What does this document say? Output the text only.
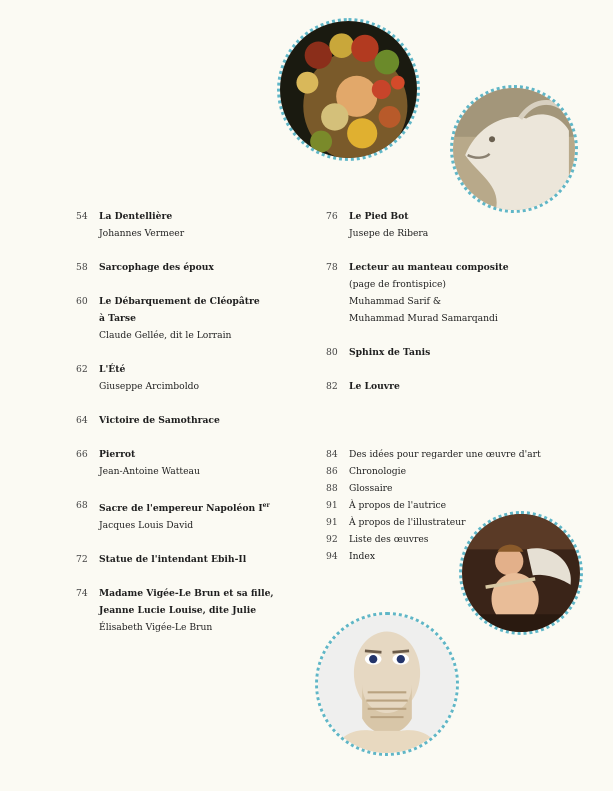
54	La Dentellière
Johannes Vermeer
58	Sarcophage des époux
60	Le Débarquement de Cléopâtre
à Tarse
Claude Gellée, dit le Lorrain
62	L'Été
Giuseppe Arcimboldo
64	Victoire de Samothrace
66	Pierrot
Jean-Antoine Watteau
68	Sacre de l'empereur Napoléon Ier
Jacques Louis David
72	Statue de l'intendant Ebih-Il
74	Madame Vigée-Le Brun et sa fille,
Jeanne Lucie Louise, dite Julie
Élisabeth Vigée-Le Brun
76	Le Pied Bot
Jusepe de Ribera
78	Lecteur au manteau composite
(page de frontispice)
Muhammad Sarif &
Muhammad Murad Samarqandi
80	Sphinx de Tanis
82	Le Louvre
84	Des idées pour regarder une œuvre d'art
86	Chronologie
88	Glossaire
91	À propos de l'autrice
91	À propos de l'illustrateur
92	Liste des œuvres
94	Index
